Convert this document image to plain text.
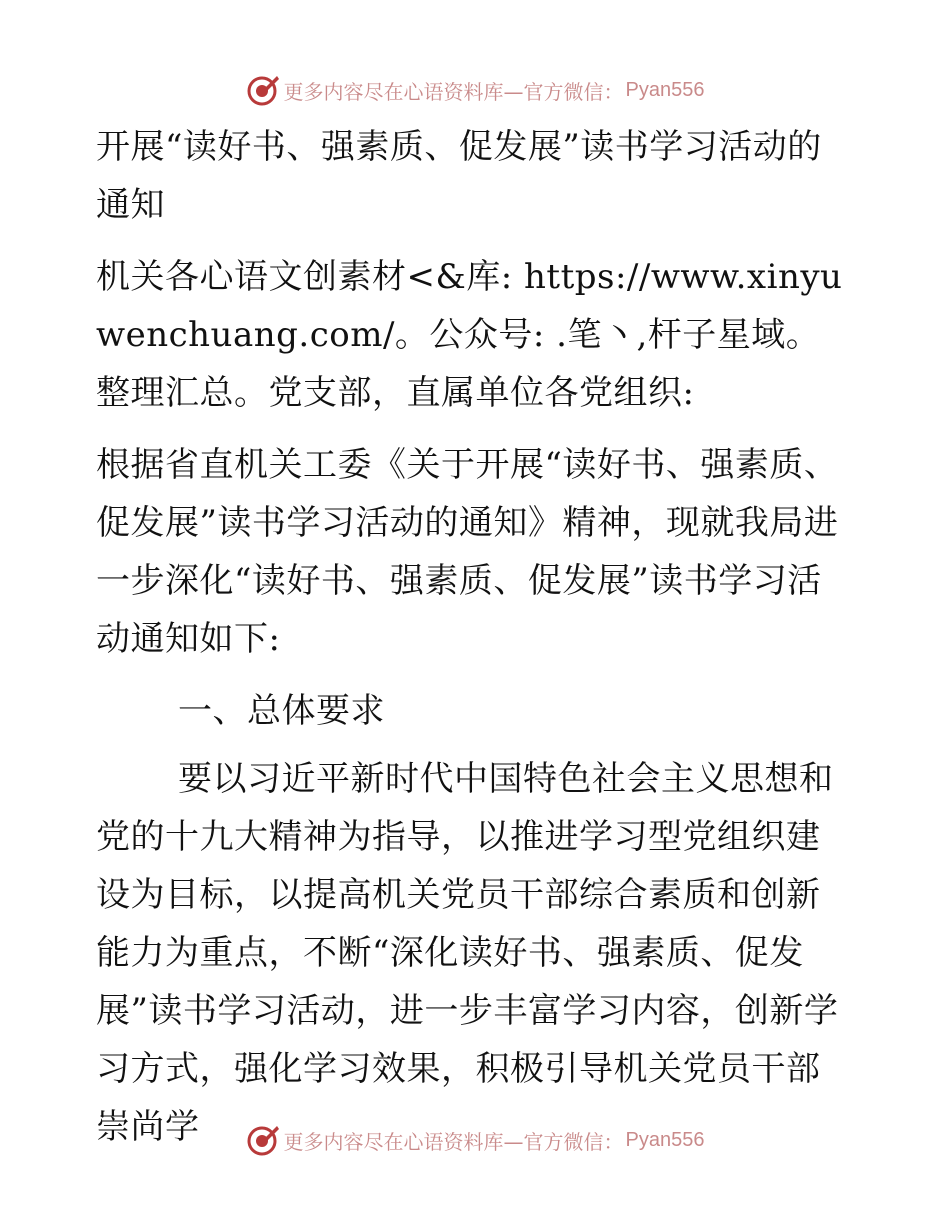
更多内容尽在心语资料库—官方微信： Pyan556

开展“读好书、强素质、促发展”读书学习活动的通知

机关各心语文创素材<&库: https://www.xinyuwenchuang.com/。公众号: .笔丶,杆子星域。整理汇总。党支部，直属单位各党组织:

根据省直机关工委《关于开展“读好书、强素质、促发展”读书学习活动的通知》精神，现就我局进一步深化“读好书、强素质、促发展”读书学习活动通知如下:

一、总体要求

要以习近平新时代中国特色社会主义思想和党的十九大精神为指导，以推进学习型党组织建设为目标，以提高机关党员干部综合素质和创新能力为重点，不断“深化读好书、强素质、促发展”读书学习活动，进一步丰富学习内容，创新学习方式，强化学习效果，积极引导机关党员干部崇尚学	更多内容尽在心语资料库—官方微信： Pyan556
